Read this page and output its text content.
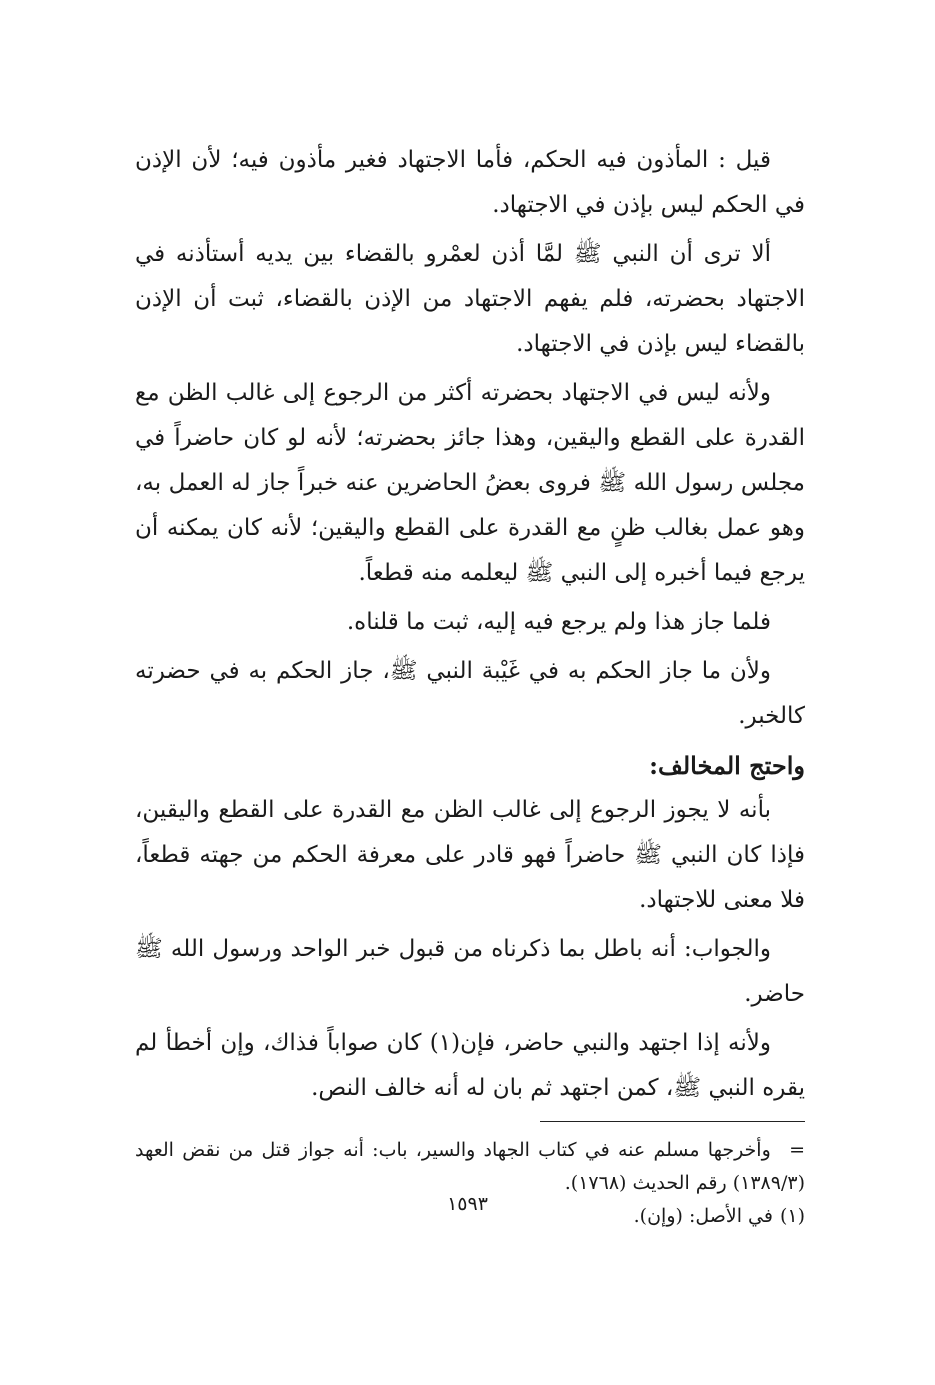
قيل : المأذون فيه الحكم، فأما الاجتهاد فغير مأذون فيه؛ لأن الإذن في الحكم ليس بإذن في الاجتهاد.

ألا ترى أن النبي ﷺ لمَّا أذن لعمْرو بالقضاء بين يديه أستأذنه في الاجتهاد بحضرته، فلم يفهم الاجتهاد من الإذن بالقضاء، ثبت أن الإذن بالقضاء ليس بإذن في الاجتهاد.

ولأنه ليس في الاجتهاد بحضرته أكثر من الرجوع إلى غالب الظن مع القدرة على القطع واليقين، وهذا جائز بحضرته؛ لأنه لو كان حاضراً في مجلس رسول الله ﷺ فروى بعضُ الحاضرين عنه خبراً جاز له العمل به، وهو عمل بغالب ظنٍ مع القدرة على القطع واليقين؛ لأنه كان يمكنه أن يرجع فيما أخبره إلى النبي ﷺ ليعلمه منه قطعاً.

فلما جاز هذا ولم يرجع فيه إليه، ثبت ما قلناه.

ولأن ما جاز الحكم به في غَيْبة النبي ﷺ، جاز الحكم به في حضرته كالخبر.

واحتج المخالف:

بأنه لا يجوز الرجوع إلى غالب الظن مع القدرة على القطع واليقين، فإذا كان النبي ﷺ حاضراً فهو قادر على معرفة الحكم من جهته قطعاً، فلا معنى للاجتهاد.

والجواب: أنه باطل بما ذكرناه من قبول خبر الواحد ورسول الله ﷺ حاضر.

ولأنه إذا اجتهد والنبي حاضر، فإن(١) كان صواباً فذاك، وإن أخطأ لم يقره النبي ﷺ، كمن اجتهد ثم بان له أنه خالف النص.

= وأخرجها مسلم عنه في كتاب الجهاد والسير، باب: أنه جواز قتل من نقض العهد (١٣٨٩/٣) رقم الحديث (١٧٦٨).

(١) في الأصل: (وإن).

١٥٩٣
